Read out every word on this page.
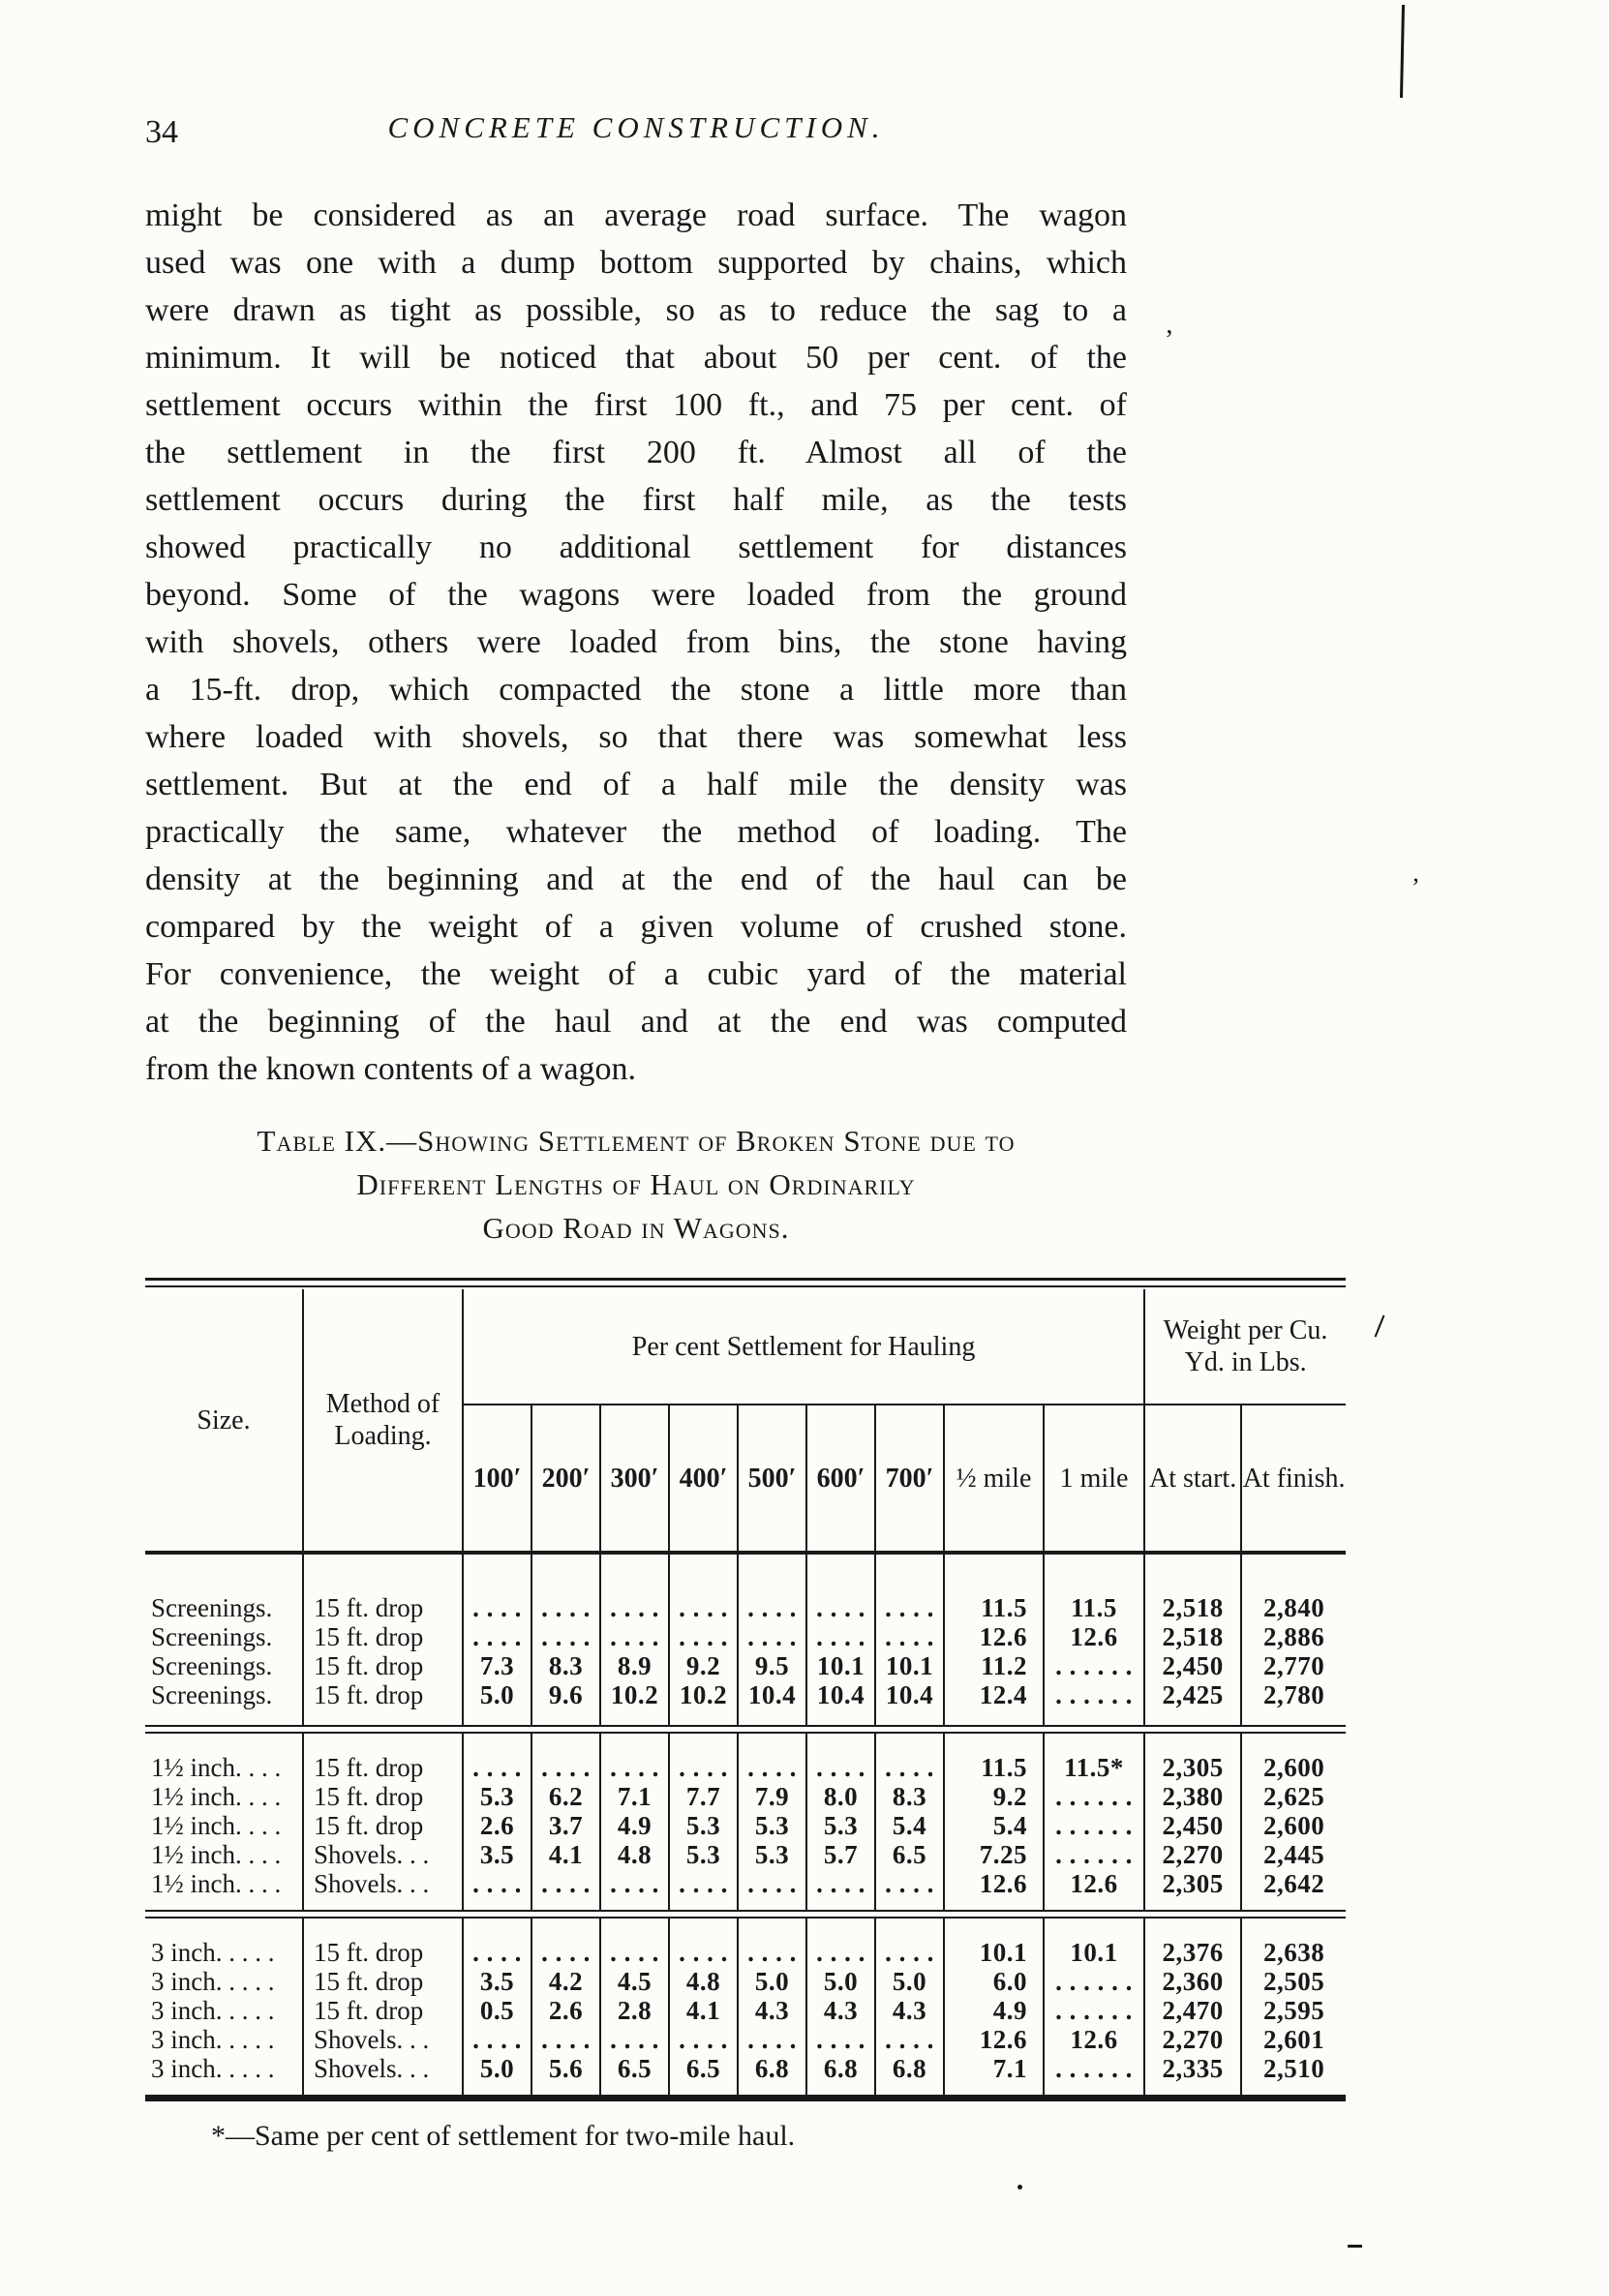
34	CONCRETE CONSTRUCTION.
might be considered as an average road surface. The wagon
used was one with a dump bottom supported by chains, which
were drawn as tight as possible, so as to reduce the sag to a
minimum. It will be noticed that about 50 per cent. of the
settlement occurs within the first 100 ft., and 75 per cent. of
the settlement in the first 200 ft. Almost all of the
settlement occurs during the first half mile, as the tests
showed practically no additional settlement for distances
beyond. Some of the wagons were loaded from the ground
with shovels, others were loaded from bins, the stone having
a 15-ft. drop, which compacted the stone a little more than
where loaded with shovels, so that there was somewhat less
settlement. But at the end of a half mile the density was
practically the same, whatever the method of loading. The
density at the beginning and at the end of the haul can be
compared by the weight of a given volume of crushed stone.
For convenience, the weight of a cubic yard of the material
at the beginning of the haul and at the end was computed
from the known contents of a wagon.
Table IX.—Showing Settlement of Broken Stone due to
Different Lengths of Haul on Ordinarily
Good Road in Wagons.
Size.	Method of Loading.	Per cent Settlement for Hauling									Weight per Cu. Yd. in Lbs.	
		100′	200′	300′	400′	500′	600′	700′	½ mile	1 mile	At start.	At finish.
Screenings.	15 ft. drop	. . . .	. . . .	. . . .	. . . .	. . . .	. . . .	. . . .	11.5	11.5	2,518	2,840
Screenings.	15 ft. drop	. . . .	. . . .	. . . .	. . . .	. . . .	. . . .	. . . .	12.6	12.6	2,518	2,886
Screenings.	15 ft. drop	7.3	8.3	8.9	9.2	9.5	10.1	10.1	11.2	. . . . . .	2,450	2,770
Screenings.	15 ft. drop	5.0	9.6	10.2	10.2	10.4	10.4	10.4	12.4	. . . . . .	2,425	2,780

1½ inch. . . .	15 ft. drop	. . . .	. . . .	. . . .	. . . .	. . . .	. . . .	. . . .	11.5	11.5*	2,305	2,600
1½ inch. . . .	15 ft. drop	5.3	6.2	7.1	7.7	7.9	8.0	8.3	9.2	. . . . . .	2,380	2,625
1½ inch. . . .	15 ft. drop	2.6	3.7	4.9	5.3	5.3	5.3	5.4	5.4	. . . . . .	2,450	2,600
1½ inch. . . .	Shovels. . .	3.5	4.1	4.8	5.3	5.3	5.7	6.5	7.25	. . . . . .	2,270	2,445
1½ inch. . . .	Shovels. . .	. . . .	. . . .	. . . .	. . . .	. . . .	. . . .	. . . .	12.6	12.6	2,305	2,642

3 inch. . . . .	15 ft. drop	. . . .	. . . .	. . . .	. . . .	. . . .	. . . .	. . . .	10.1	10.1	2,376	2,638
3 inch. . . . .	15 ft. drop	3.5	4.2	4.5	4.8	5.0	5.0	5.0	6.0	. . . . . .	2,360	2,505
3 inch. . . . .	15 ft. drop	0.5	2.6	2.8	4.1	4.3	4.3	4.3	4.9	. . . . . .	2,470	2,595
3 inch. . . . .	Shovels. . .	. . . .	. . . .	. . . .	. . . .	. . . .	. . . .	. . . .	12.6	12.6	2,270	2,601
3 inch. . . . .	Shovels. . .	5.0	5.6	6.5	6.5	6.8	6.8	6.8	7.1	. . . . . .	2,335	2,510
*—Same per cent of settlement for two-mile haul.
’
’
